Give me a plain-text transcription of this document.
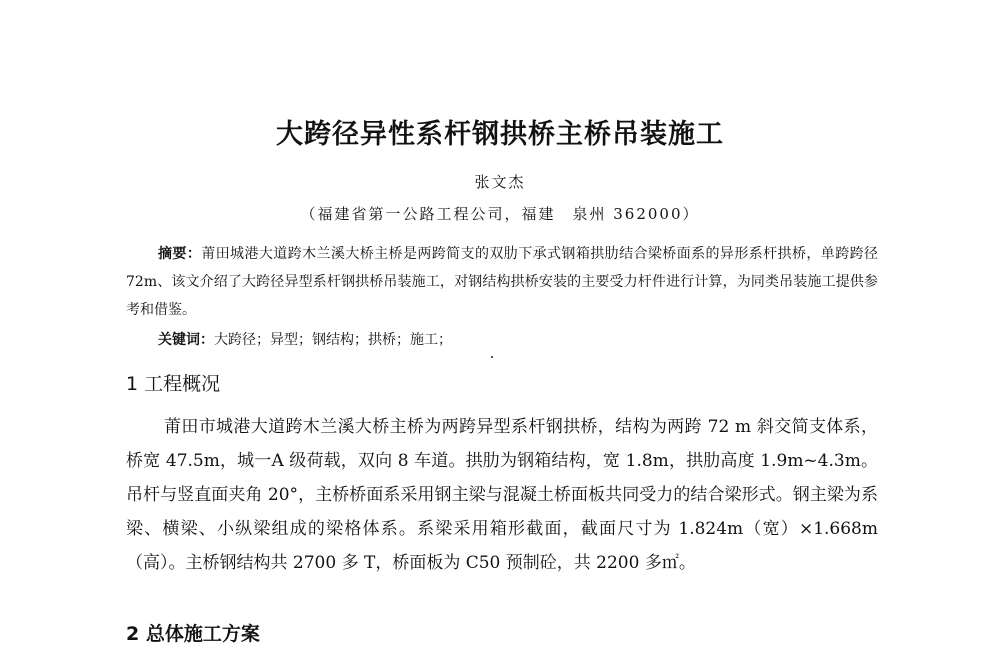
大跨径异性系杆钢拱桥主桥吊装施工
张文杰
（福建省第一公路工程公司，福建　泉州 362000）

摘要：莆田城港大道跨木兰溪大桥主桥是两跨简支的双肋下承式钢箱拱肋结合梁桥面系的异形系杆拱桥，单跨跨径 72m、该文介绍了大跨径异型系杆钢拱桥吊装施工，对钢结构拱桥安装的主要受力杆件进行计算，为同类吊装施工提供参考和借鉴。

关键词：大跨径；异型；钢结构；拱桥；施工；

1 工程概况

莆田市城港大道跨木兰溪大桥主桥为两跨异型系杆钢拱桥，结构为两跨 72 m 斜交简支体系，桥宽 47.5m，城一A 级荷载，双向 8 车道。拱肋为钢箱结构，宽 1.8m，拱肋高度 1.9m~4.3m。吊杆与竖直面夹角 20°，主桥桥面系采用钢主梁与混凝土桥面板共同受力的结合梁形式。钢主梁为系梁、横梁、小纵梁组成的梁格体系。系梁采用箱形截面，截面尺寸为 1.824m（宽）×1.668m（高）。主桥钢结构共 2700 多 T，桥面板为 C50 预制砼，共 2200 多㎡。

2 总体施工方案
